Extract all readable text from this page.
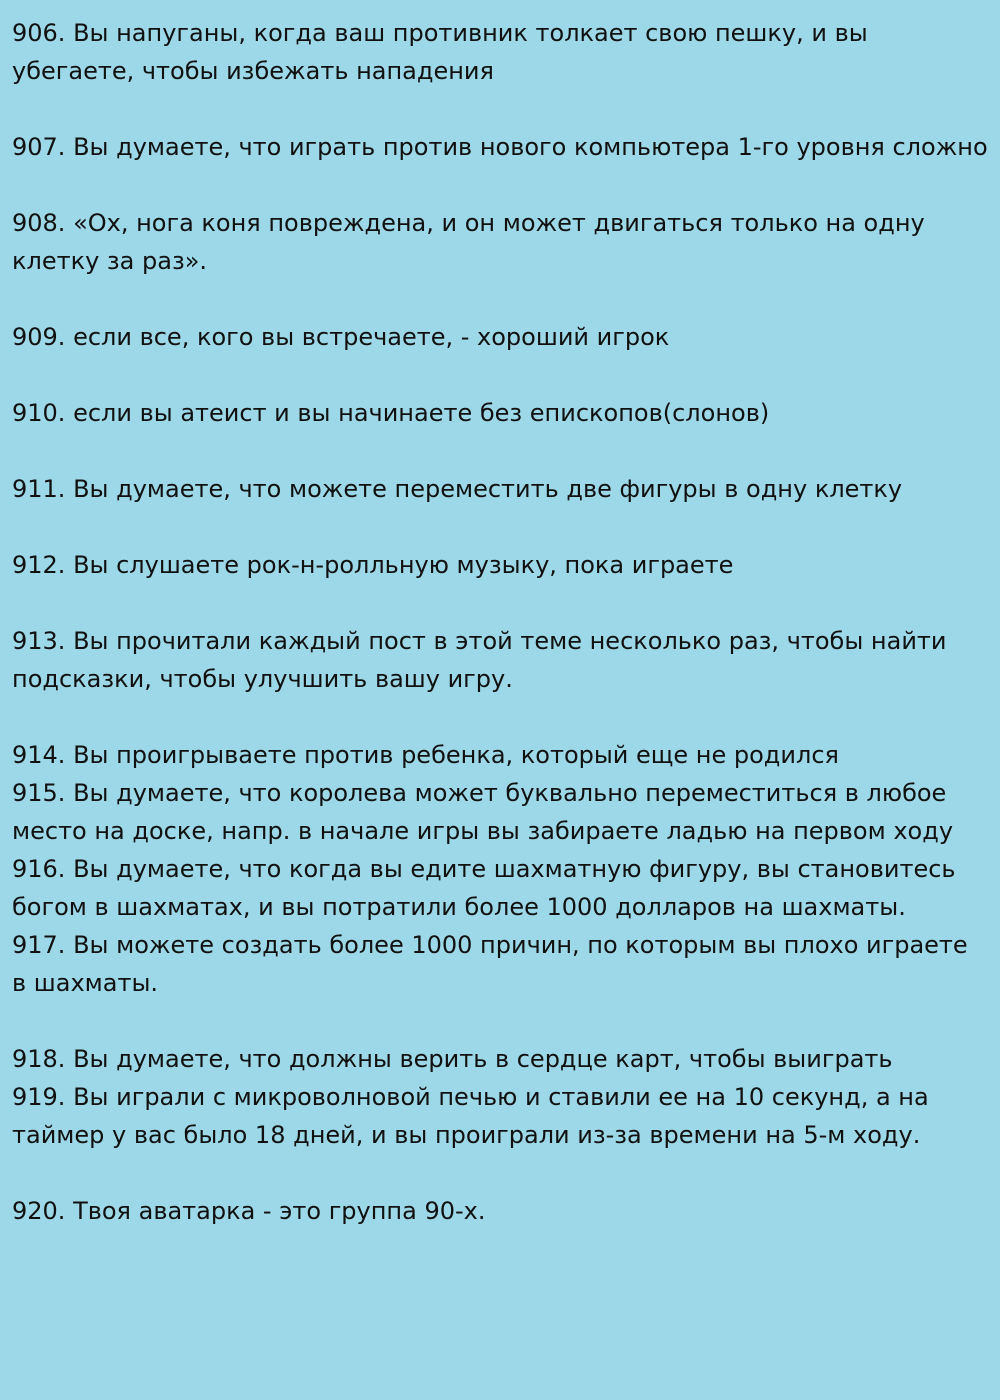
906. Вы напуганы, когда ваш противник толкает свою пешку, и вы убегаете, чтобы избежать нападения

907. Вы думаете, что играть против нового компьютера 1-го уровня сложно

908. «Ох, нога коня повреждена, и он может двигаться только на одну клетку за раз».

909. если все, кого вы встречаете, - хороший игрок

910. если вы атеист и вы начинаете без епископов(слонов)

911. Вы думаете, что можете переместить две фигуры в одну клетку

912. Вы слушаете рок-н-ролльную музыку, пока играете

913. Вы прочитали каждый пост в этой теме несколько раз, чтобы найти подсказки, чтобы улучшить вашу игру.

914. Вы проигрываете против ребенка, который еще не родился

915. Вы думаете, что королева может буквально переместиться в любое место на доске, напр. в начале игры вы забираете ладью на первом ходу

916. Вы думаете, что когда вы едите шахматную фигуру, вы становитесь богом в шахматах, и вы потратили более 1000 долларов на шахматы.

917. Вы можете создать более 1000 причин, по которым вы плохо играете в шахматы.

918. Вы думаете, что должны верить в сердце карт, чтобы выиграть

919. Вы играли с микроволновой печью и ставили ее на 10 секунд, а на таймер у вас было 18 дней, и вы проиграли из-за времени на 5-м ходу.

920. Твоя аватарка - это группа 90-х.
